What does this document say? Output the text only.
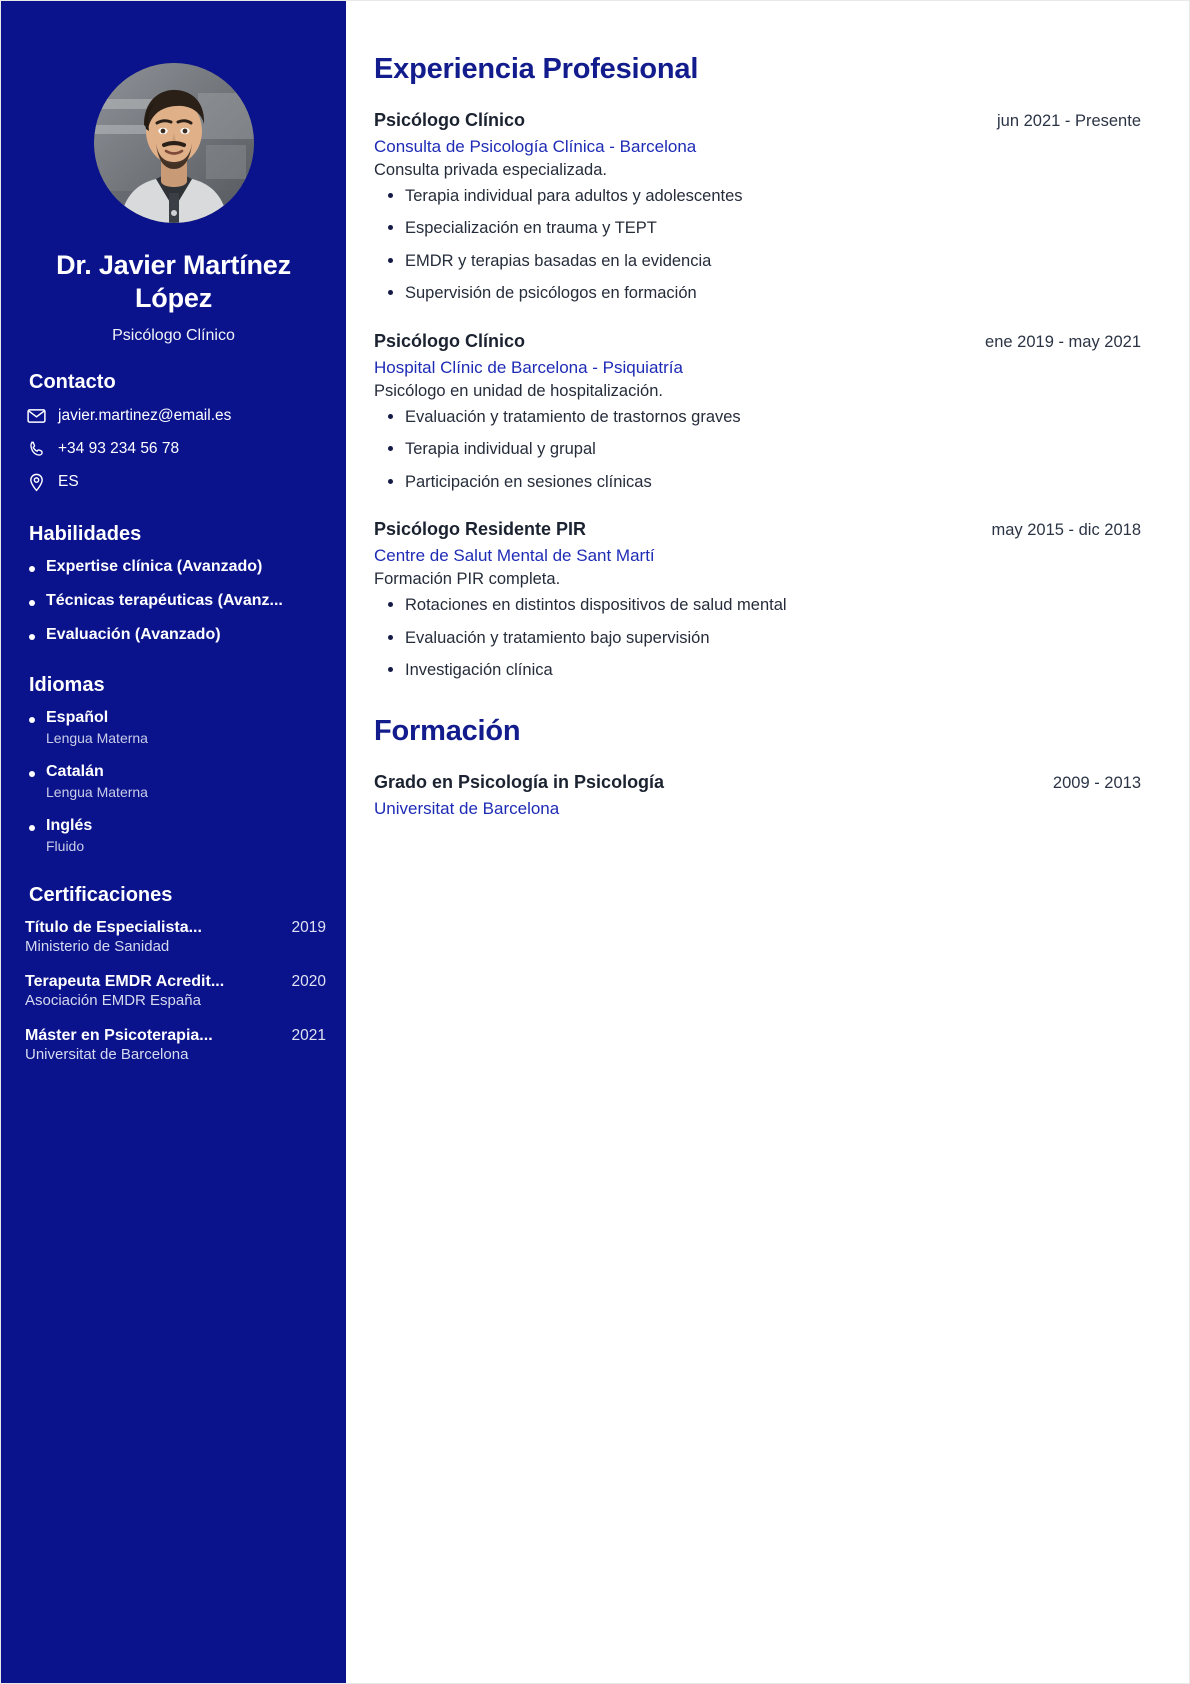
Dr. Javier Martínez López
Psicólogo Clínico
Contacto
javier.martinez@email.es
+34 93 234 56 78
ES
Habilidades
Expertise clínica (Avanzado)
Técnicas terapéuticas (Avanz...
Evaluación (Avanzado)
Idiomas
Español
Lengua Materna
Catalán
Lengua Materna
Inglés
Fluido
Certificaciones
Título de Especialista...	2019
Ministerio de Sanidad
Terapeuta EMDR Acredit...	2020
Asociación EMDR España
Máster en Psicoterapia...	2021
Universitat de Barcelona
Experiencia Profesional
Psicólogo Clínico	jun 2021 - Presente
Consulta de Psicología Clínica - Barcelona
Consulta privada especializada.
Terapia individual para adultos y adolescentes
Especialización en trauma y TEPT
EMDR y terapias basadas en la evidencia
Supervisión de psicólogos en formación
Psicólogo Clínico	ene 2019 - may 2021
Hospital Clínic de Barcelona - Psiquiatría
Psicólogo en unidad de hospitalización.
Evaluación y tratamiento de trastornos graves
Terapia individual y grupal
Participación en sesiones clínicas
Psicólogo Residente PIR	may 2015 - dic 2018
Centre de Salut Mental de Sant Martí
Formación PIR completa.
Rotaciones en distintos dispositivos de salud mental
Evaluación y tratamiento bajo supervisión
Investigación clínica
Formación
Grado en Psicología in Psicología	2009 - 2013
Universitat de Barcelona
